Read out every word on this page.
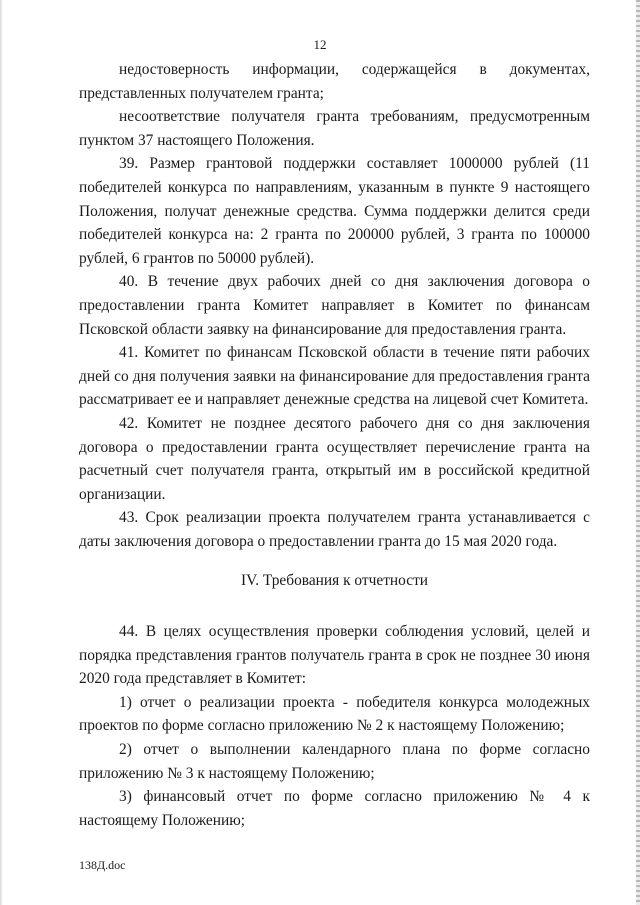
12

недостоверность информации, содержащейся в документах, представленных получателем гранта;

несоответствие получателя гранта требованиям, предусмотренным пунктом 37 настоящего Положения.

39. Размер грантовой поддержки составляет 1000000 рублей (11 победителей конкурса по направлениям, указанным в пункте 9 настоящего Положения, получат денежные средства. Сумма поддержки делится среди победителей конкурса на: 2 гранта по 200000 рублей, 3 гранта по 100000 рублей, 6 грантов по 50000 рублей).

40. В течение двух рабочих дней со дня заключения договора о предоставлении гранта Комитет направляет в Комитет по финансам Псковской области заявку на финансирование для предоставления гранта.

41. Комитет по финансам Псковской области в течение пяти рабочих дней со дня получения заявки на финансирование для предоставления гранта рассматривает ее и направляет денежные средства на лицевой счет Комитета.

42. Комитет не позднее десятого рабочего дня со дня заключения договора о предоставлении гранта осуществляет перечисление гранта на расчетный счет получателя гранта, открытый им в российской кредитной организации.

43. Срок реализации проекта получателем гранта устанавливается с даты заключения договора о предоставлении гранта до 15 мая 2020 года.

IV. Требования к отчетности

44. В целях осуществления проверки соблюдения условий, целей и порядка представления грантов получатель гранта в срок не позднее 30 июня 2020 года представляет в Комитет:

1) отчет о реализации проекта - победителя конкурса молодежных проектов по форме согласно приложению № 2 к настоящему Положению;

2) отчет о выполнении календарного плана по форме согласно приложению № 3 к настоящему Положению;

3) финансовый отчет по форме согласно приложению № 4 к настоящему Положению;

138Д.doc
